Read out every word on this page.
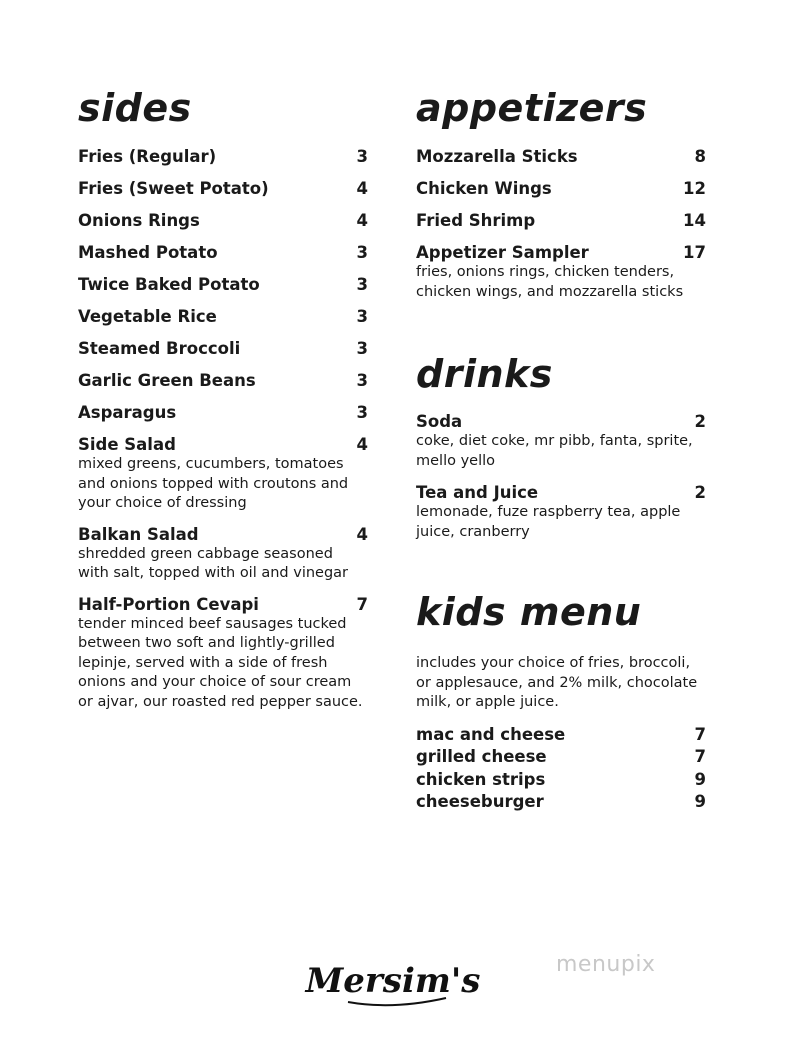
sides
Fries (Regular)	3
Fries (Sweet Potato)	4
Onions Rings	4
Mashed Potato	3
Twice Baked Potato	3
Vegetable Rice	3
Steamed Broccoli	3
Garlic Green Beans	3
Asparagus	3
Side Salad	4
mixed greens, cucumbers, tomatoes and onions topped with croutons and your choice of dressing
Balkan Salad	4
shredded green cabbage seasoned with salt, topped with oil and vinegar
Half-Portion Cevapi	7
tender minced beef sausages tucked between two soft and lightly-grilled lepinje, served with a side of fresh onions and your choice of sour cream or ajvar, our roasted red pepper sauce.
appetizers
Mozzarella Sticks	8
Chicken Wings	12
Fried Shrimp	14
Appetizer Sampler	17
fries, onions rings, chicken tenders, chicken wings, and mozzarella sticks
drinks
Soda	2
coke, diet coke, mr pibb, fanta, sprite, mello yello
Tea and Juice	2
lemonade, fuze raspberry tea, apple juice, cranberry
kids menu
includes your choice of fries, broccoli, or applesauce, and 2% milk, chocolate milk, or apple juice.
mac and cheese	7
grilled cheese	7
chicken strips	9
cheeseburger	9
Mersim's	menupix
